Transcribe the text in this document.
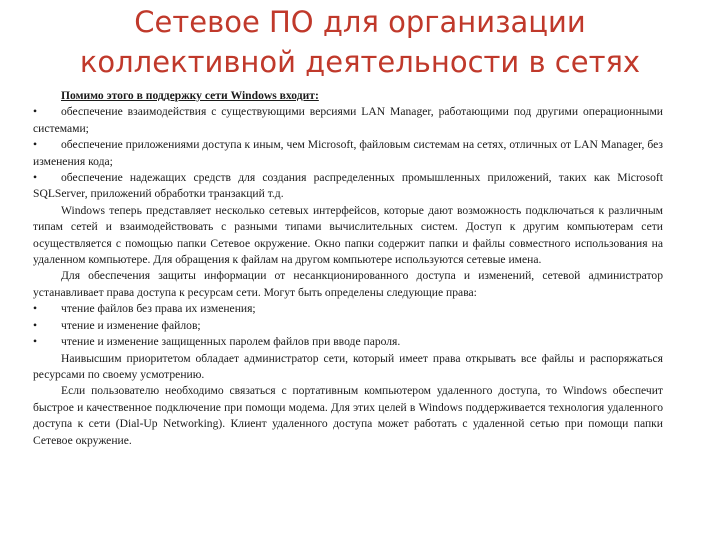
Сетевое ПО для организации
коллективной деятельности в сетях

Помимо этого в поддержку сети Windows входит:

• обеспечение взаимодействия с существующими версиями LAN Manager, работающими под другими операционными системами;

• обеспечение приложениями доступа к иным, чем Microsoft, файловым системам на сетях, отличных от LAN Manager, без изменения кода;

• обеспечение надежащих средств для создания распределенных промышленных приложений, таких как Microsoft SQLServer, приложений обработки транзакций т.д.

Windows теперь представляет несколько сетевых интерфейсов, которые дают возможность подключаться к различным типам сетей и взаимодействовать с разными типами вычислительных систем. Доступ к другим компьютерам сети осуществляется с помощью папки Сетевое окружение. Окно папки содержит папки и файлы совместного использования на удаленном компьютере. Для обращения к файлам на другом компьютере используются сетевые имена.

Для обеспечения защиты информации от несанкционированного доступа и изменений, сетевой администратор устанавливает права доступа к ресурсам сети. Могут быть определены следующие права:

• чтение файлов без права их изменения;

• чтение и изменение файлов;

• чтение и изменение защищенных паролем файлов при вводе пароля.

Наивысшим приоритетом обладает администратор сети, который имеет права открывать все файлы и распоряжаться ресурсами по своему усмотрению.

Если пользователю необходимо связаться с портативным компьютером удаленного доступа, то Windows обеспечит быстрое и качественное подключение при помощи модема. Для этих целей в Windows поддерживается технология удаленного доступа к сети (Dial-Up Networking). Клиент удаленного доступа может работать с удаленной сетью при помощи папки Сетевое окружение.
